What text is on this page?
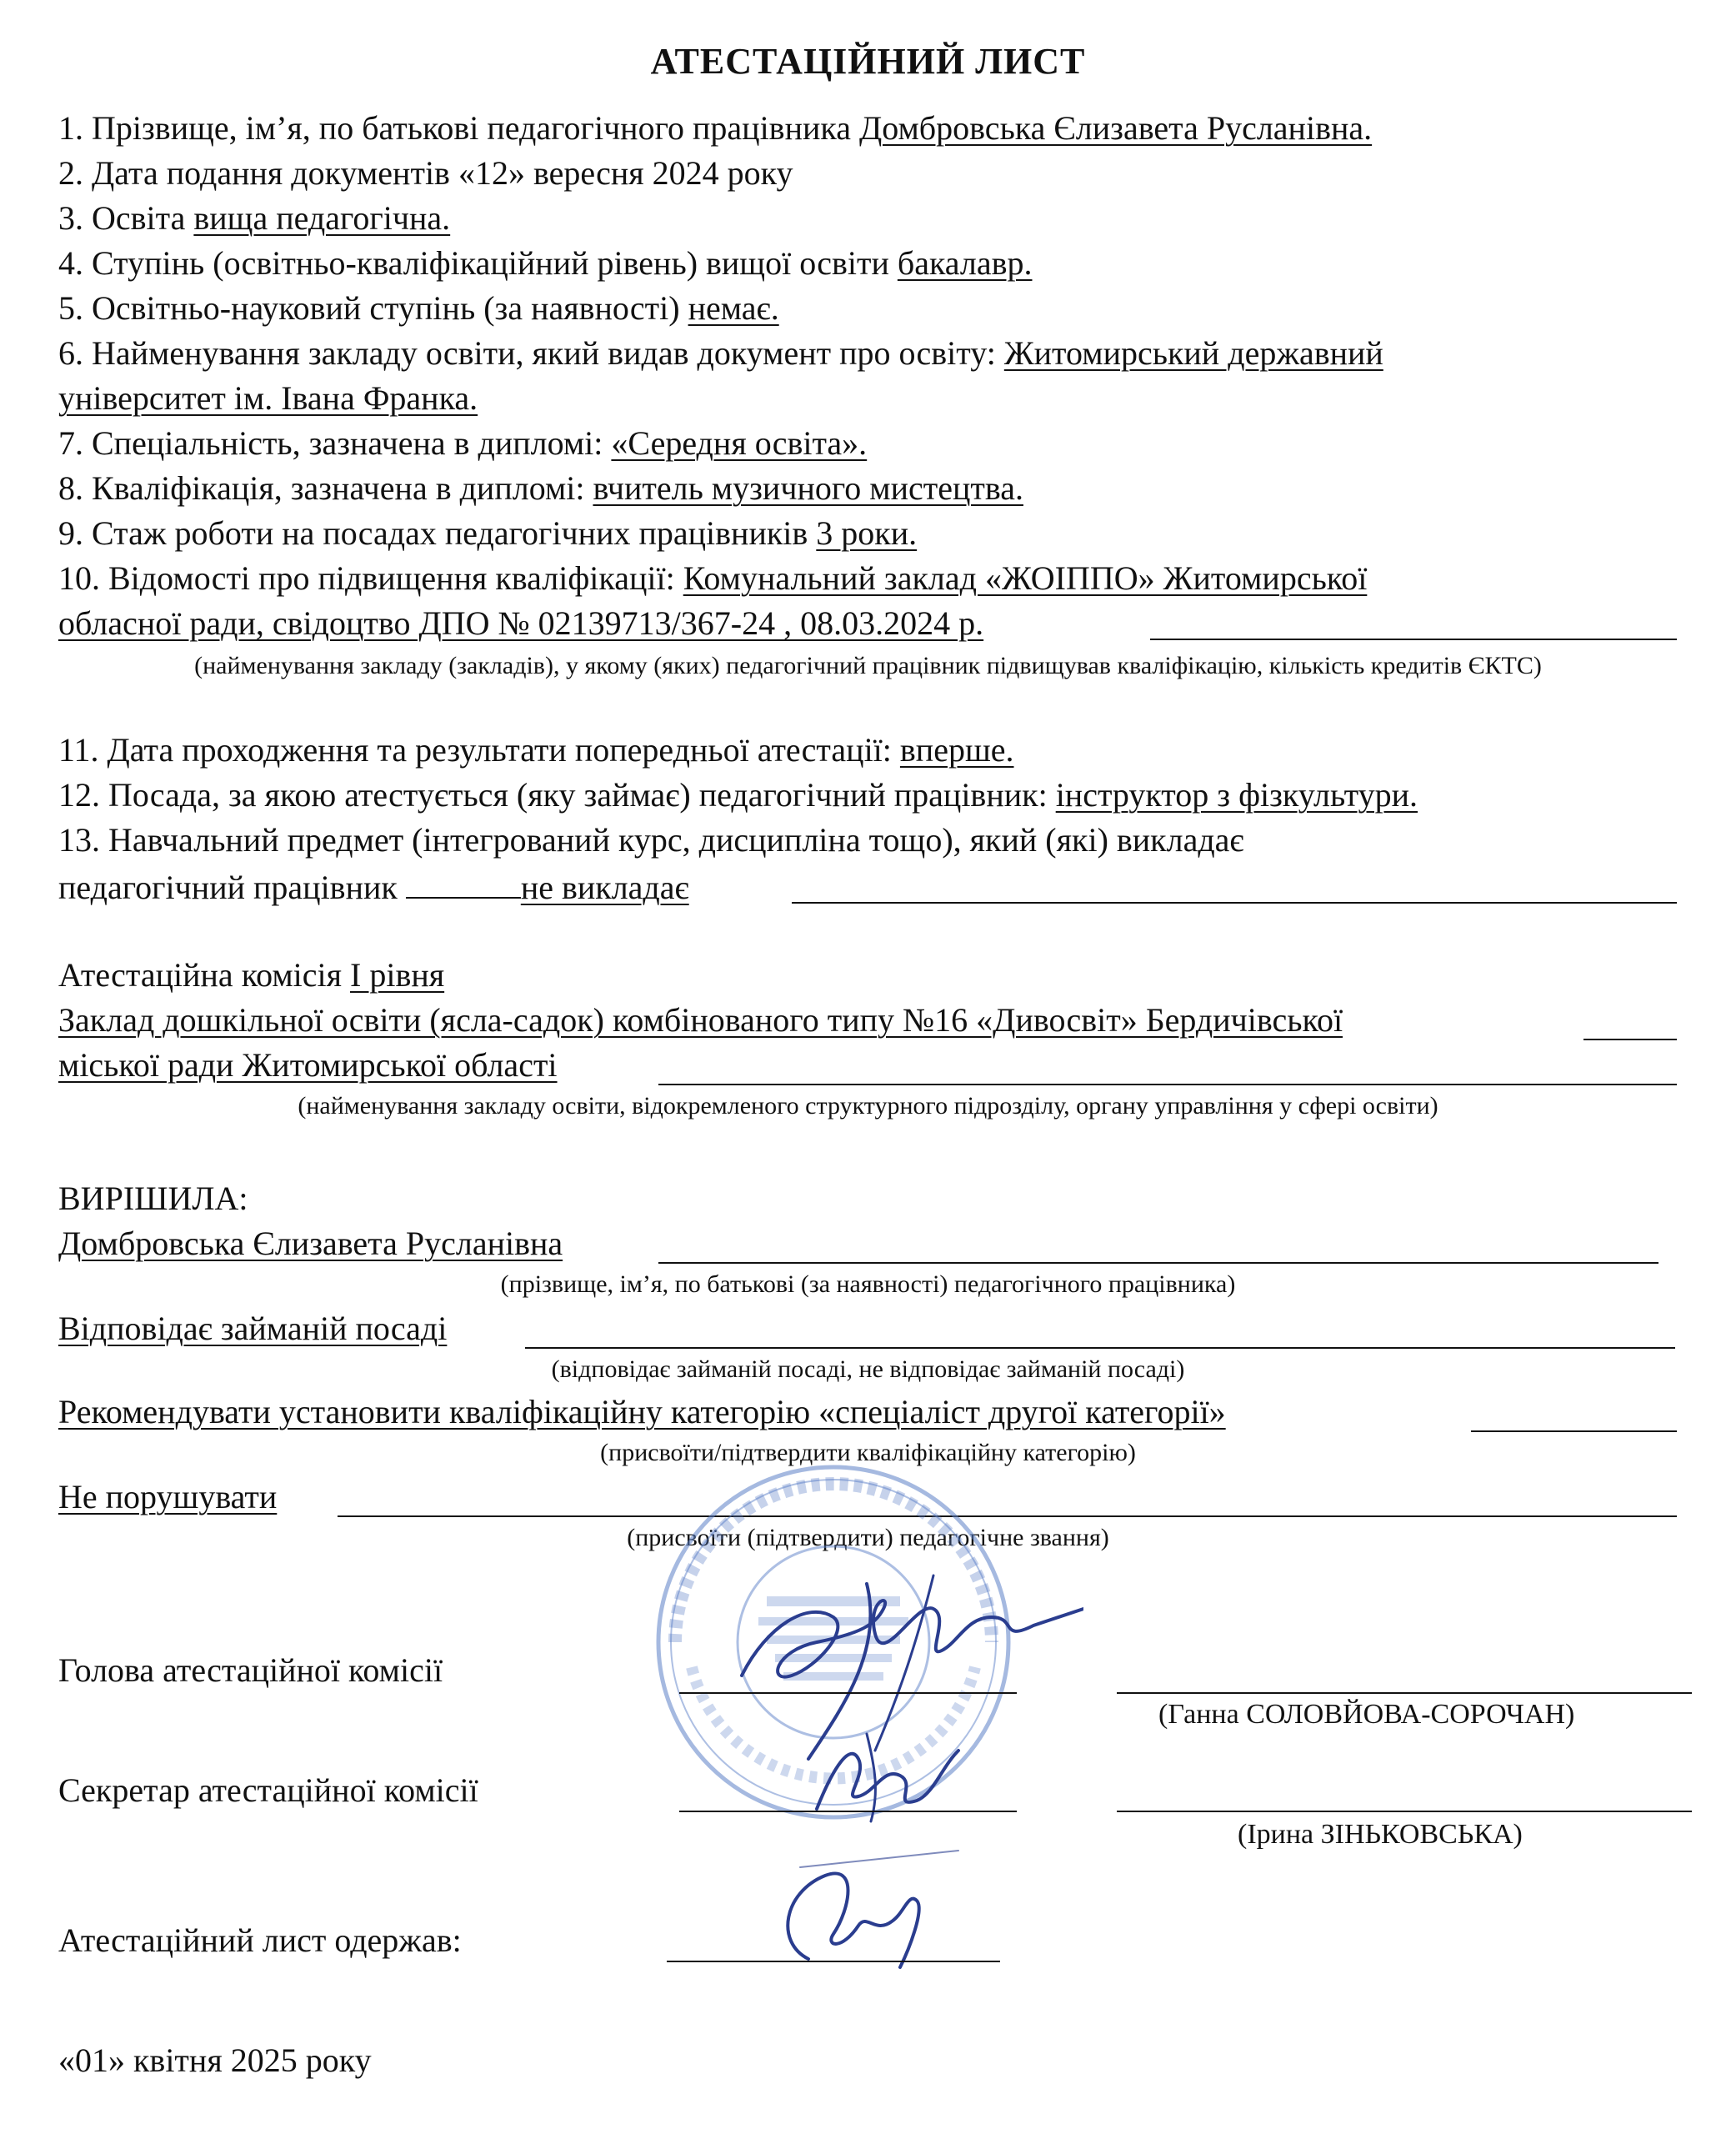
АТЕСТАЦІЙНИЙ ЛИСТ
1. Прізвище, ім’я, по батькові педагогічного працівника Домбровська Єлизавета Русланівна.
2. Дата подання документів «12» вересня 2024 року
3. Освіта вища педагогічна.
4. Ступінь (освітньо-кваліфікаційний рівень) вищої освіти бакалавр.
5. Освітньо-науковий ступінь (за наявності) немає.
6. Найменування закладу освіти, який видав документ про освіту: Житомирський державний
університет ім. Івана Франка.
7. Спеціальність, зазначена в дипломі: «Середня освіта».
8. Кваліфікація, зазначена в дипломі: вчитель музичного мистецтва.
9. Стаж роботи на посадах педагогічних працівників 3 роки.
10. Відомості про підвищення кваліфікації: Комунальний заклад «ЖОІППО» Житомирської
обласної ради, свідоцтво ДПО № 02139713/367-24 , 08.03.2024 р.
(найменування закладу (закладів), у якому (яких) педагогічний працівник підвищував кваліфікацію, кількість кредитів ЄКТС)
11. Дата проходження та результати попередньої атестації: вперше.
12. Посада, за якою атестується (яку займає) педагогічний працівник: інструктор з фізкультури.
13. Навчальний предмет (інтегрований курс, дисципліна тощо), який (які) викладає
педагогічний працівник	не викладає
Атестаційна комісія І рівня
Заклад дошкільної освіти (ясла-садок) комбінованого типу №16 «Дивосвіт» Бердичівської
міської ради Житомирської області
(найменування закладу освіти, відокремленого структурного підрозділу, органу управління у сфері освіти)
ВИРІШИЛА:
Домбровська Єлизавета Русланівна
(прізвище, ім’я, по батькові (за наявності) педагогічного працівника)
Відповідає займаній посаді
(відповідає займаній посаді, не відповідає займаній посаді)
Рекомендувати установити кваліфікаційну категорію «спеціаліст другої категорії»
(присвоїти/підтвердити кваліфікаційну категорію)
Не порушувати
(присвоїти (підтвердити) педагогічне звання)
Голова атестаційної комісії
(Ганна СОЛОВЙОВА-СОРОЧАН)
Секретар атестаційної комісії
(Ірина ЗІНЬКОВСЬКА)
Атестаційний лист одержав:
«01» квітня 2025 року
